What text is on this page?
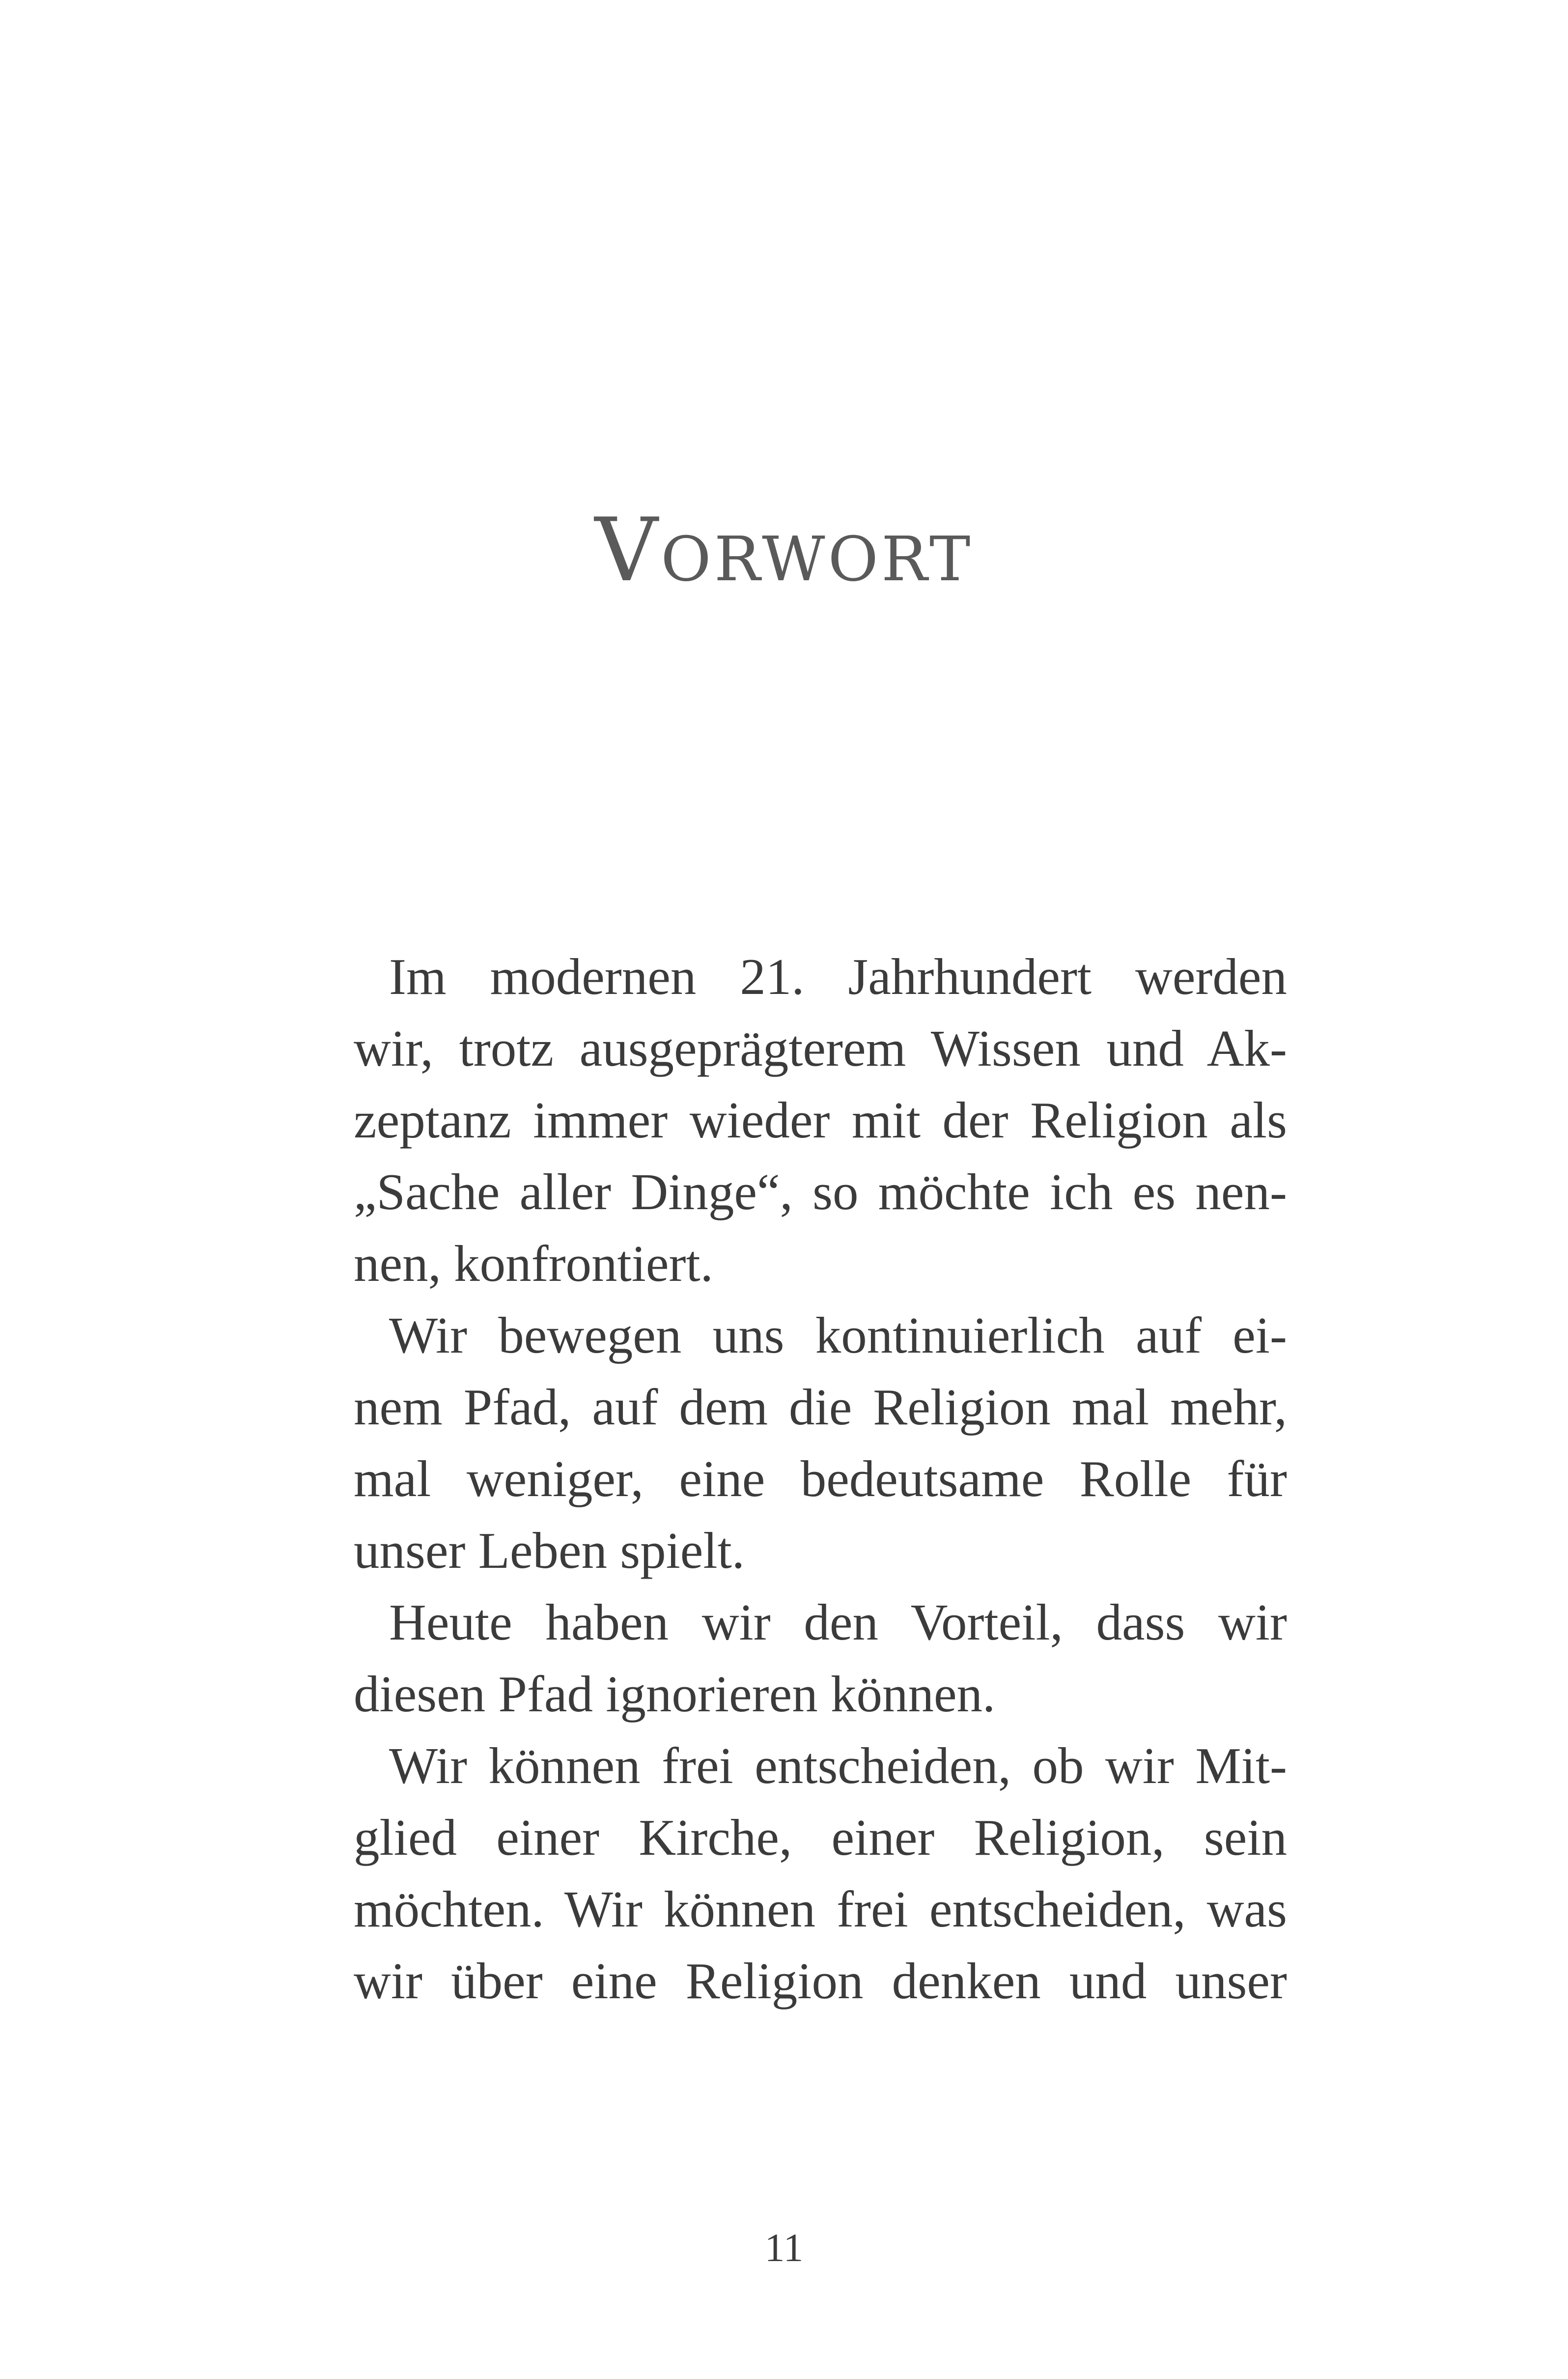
Vorwort
Im modernen 21. Jahrhundert werden
wir, trotz ausgeprägterem Wissen und Ak-
zeptanz immer wieder mit der Religion als
„Sache aller Dinge“, so möchte ich es nen-
nen, konfrontiert.
Wir bewegen uns kontinuierlich auf ei-
nem Pfad, auf dem die Religion mal mehr,
mal weniger, eine bedeutsame Rolle für
unser Leben spielt.
Heute haben wir den Vorteil, dass wir
diesen Pfad ignorieren können.
Wir können frei entscheiden, ob wir Mit-
glied einer Kirche, einer Religion, sein
möchten. Wir können frei entscheiden, was
wir über eine Religion denken und unser
11
